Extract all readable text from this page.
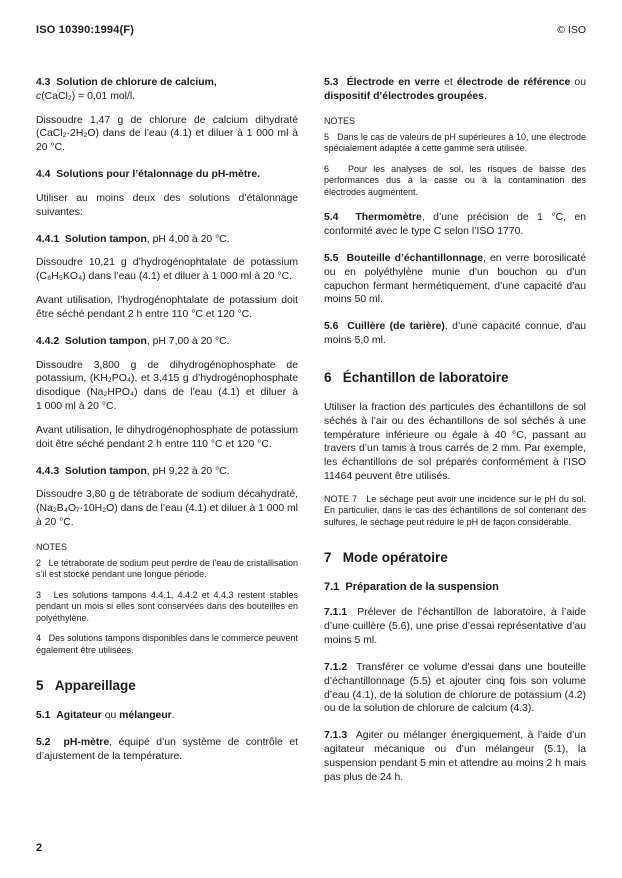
ISO 10390:1994(F)	© ISO

4.3  Solution de chlorure de calcium,
c(CaCl₂) = 0,01 mol/l.

Dissoudre 1,47 g de chlorure de calcium dihydraté (CaCl₂·2H₂O) dans de l’eau (4.1) et diluer à 1 000 ml à 20 °C.

4.4  Solutions pour l’étalonnage du pH-mètre.

Utiliser au moins deux des solutions d’étalonnage suivantes:

4.4.1  Solution tampon, pH 4,00 à 20 °C.

Dissoudre 10,21 g d’hydrogénophtalate de potassium (C₈H₅KO₄) dans l’eau (4.1) et diluer à 1 000 ml à 20 °C.

Avant utilisation, l’hydrogénophtalate de potassium doit être séché pendant 2 h entre 110 °C et 120 °C.

4.4.2  Solution tampon, pH 7,00 à 20 °C.

Dissoudre 3,800 g de dihydrogénophosphate de potassium, (KH₂PO₄), et 3,415 g d’hydrogénophosphate disodique (Na₂HPO₄) dans de l’eau (4.1) et diluer à 1 000 ml à 20 °C.

Avant utilisation, le dihydrogénophosphate de potassium doit être séché pendant 2 h entre 110 °C et 120 °C.

4.4.3  Solution tampon, pH 9,22 à 20 °C.

Dissoudre 3,80 g de tétraborate de sodium décahydraté, (Na₂B₄O₇·10H₂O) dans de l’eau (4.1) et diluer à 1 000 ml à 20 °C.

NOTES

2   Le tétraborate de sodium peut perdre de l’eau de cristallisation s’il est stocké pendant une longue période.

3   Les solutions tampons 4.4.1, 4.4.2 et 4.4.3 restent stables pendant un mois si elles sont conservées dans des bouteilles en polyéthylène.

4   Des solutions tampons disponibles dans le commerce peuvent également être utilisées.

5   Appareillage

5.1  Agitateur ou mélangeur.

5.2  pH-mètre, équipé d’un système de contrôle et d’ajustement de la température.

5.3  Électrode en verre et électrode de référence ou dispositif d’électrodes groupées.

NOTES

5   Dans le cas de valeurs de pH supérieures à 10, une électrode spécialement adaptée à cette gamme sera utilisée.

6   Pour les analyses de sol, les risques de baisse des performances dus à la casse ou à la contamination des électrodes augmentent.

5.4  Thermomètre, d’une précision de 1 °C, en conformité avec le type C selon l’ISO 1770.

5.5  Bouteille d’échantillonnage, en verre borosilicaté ou en polyéthylène munie d’un bouchon ou d’un capuchon fermant hermétiquement, d’une capacité d’au moins 50 ml.

5.6  Cuillère (de tarière), d’une capacité connue, d’au moins 5,0 ml.

6   Échantillon de laboratoire

Utiliser la fraction des particules des échantillons de sol séchés à l’air ou des échantillons de sol séchés à une température inférieure ou égale à 40 °C, passant au travers d’un tamis à trous carrés de 2 mm. Par exemple, les échantillons de sol préparés conformément à l’ISO 11464 peuvent être utilisés.

NOTE 7   Le séchage peut avoir une incidence sur le pH du sol. En particulier, dans le cas des échantillons de sol contenant des sulfures, le séchage peut réduire le pH de façon considérable.

7   Mode opératoire
7.1  Préparation de la suspension

7.1.1  Prélever de l’échantillon de laboratoire, à l’aide d’une cuillère (5.6), une prise d’essai représentative d’au moins 5 ml.

7.1.2  Transférer ce volume d’essai dans une bouteille d’échantillonnage (5.5) et ajouter cinq fois son volume d’eau (4.1), de la solution de chlorure de potassium (4.2) ou de la solution de chlorure de calcium (4.3).

7.1.3  Agiter ou mélanger énergiquement, à l’aide d’un agitateur mécanique ou d’un mélangeur (5.1), la suspension pendant 5 min et attendre au moins 2 h mais pas plus de 24 h.

2
